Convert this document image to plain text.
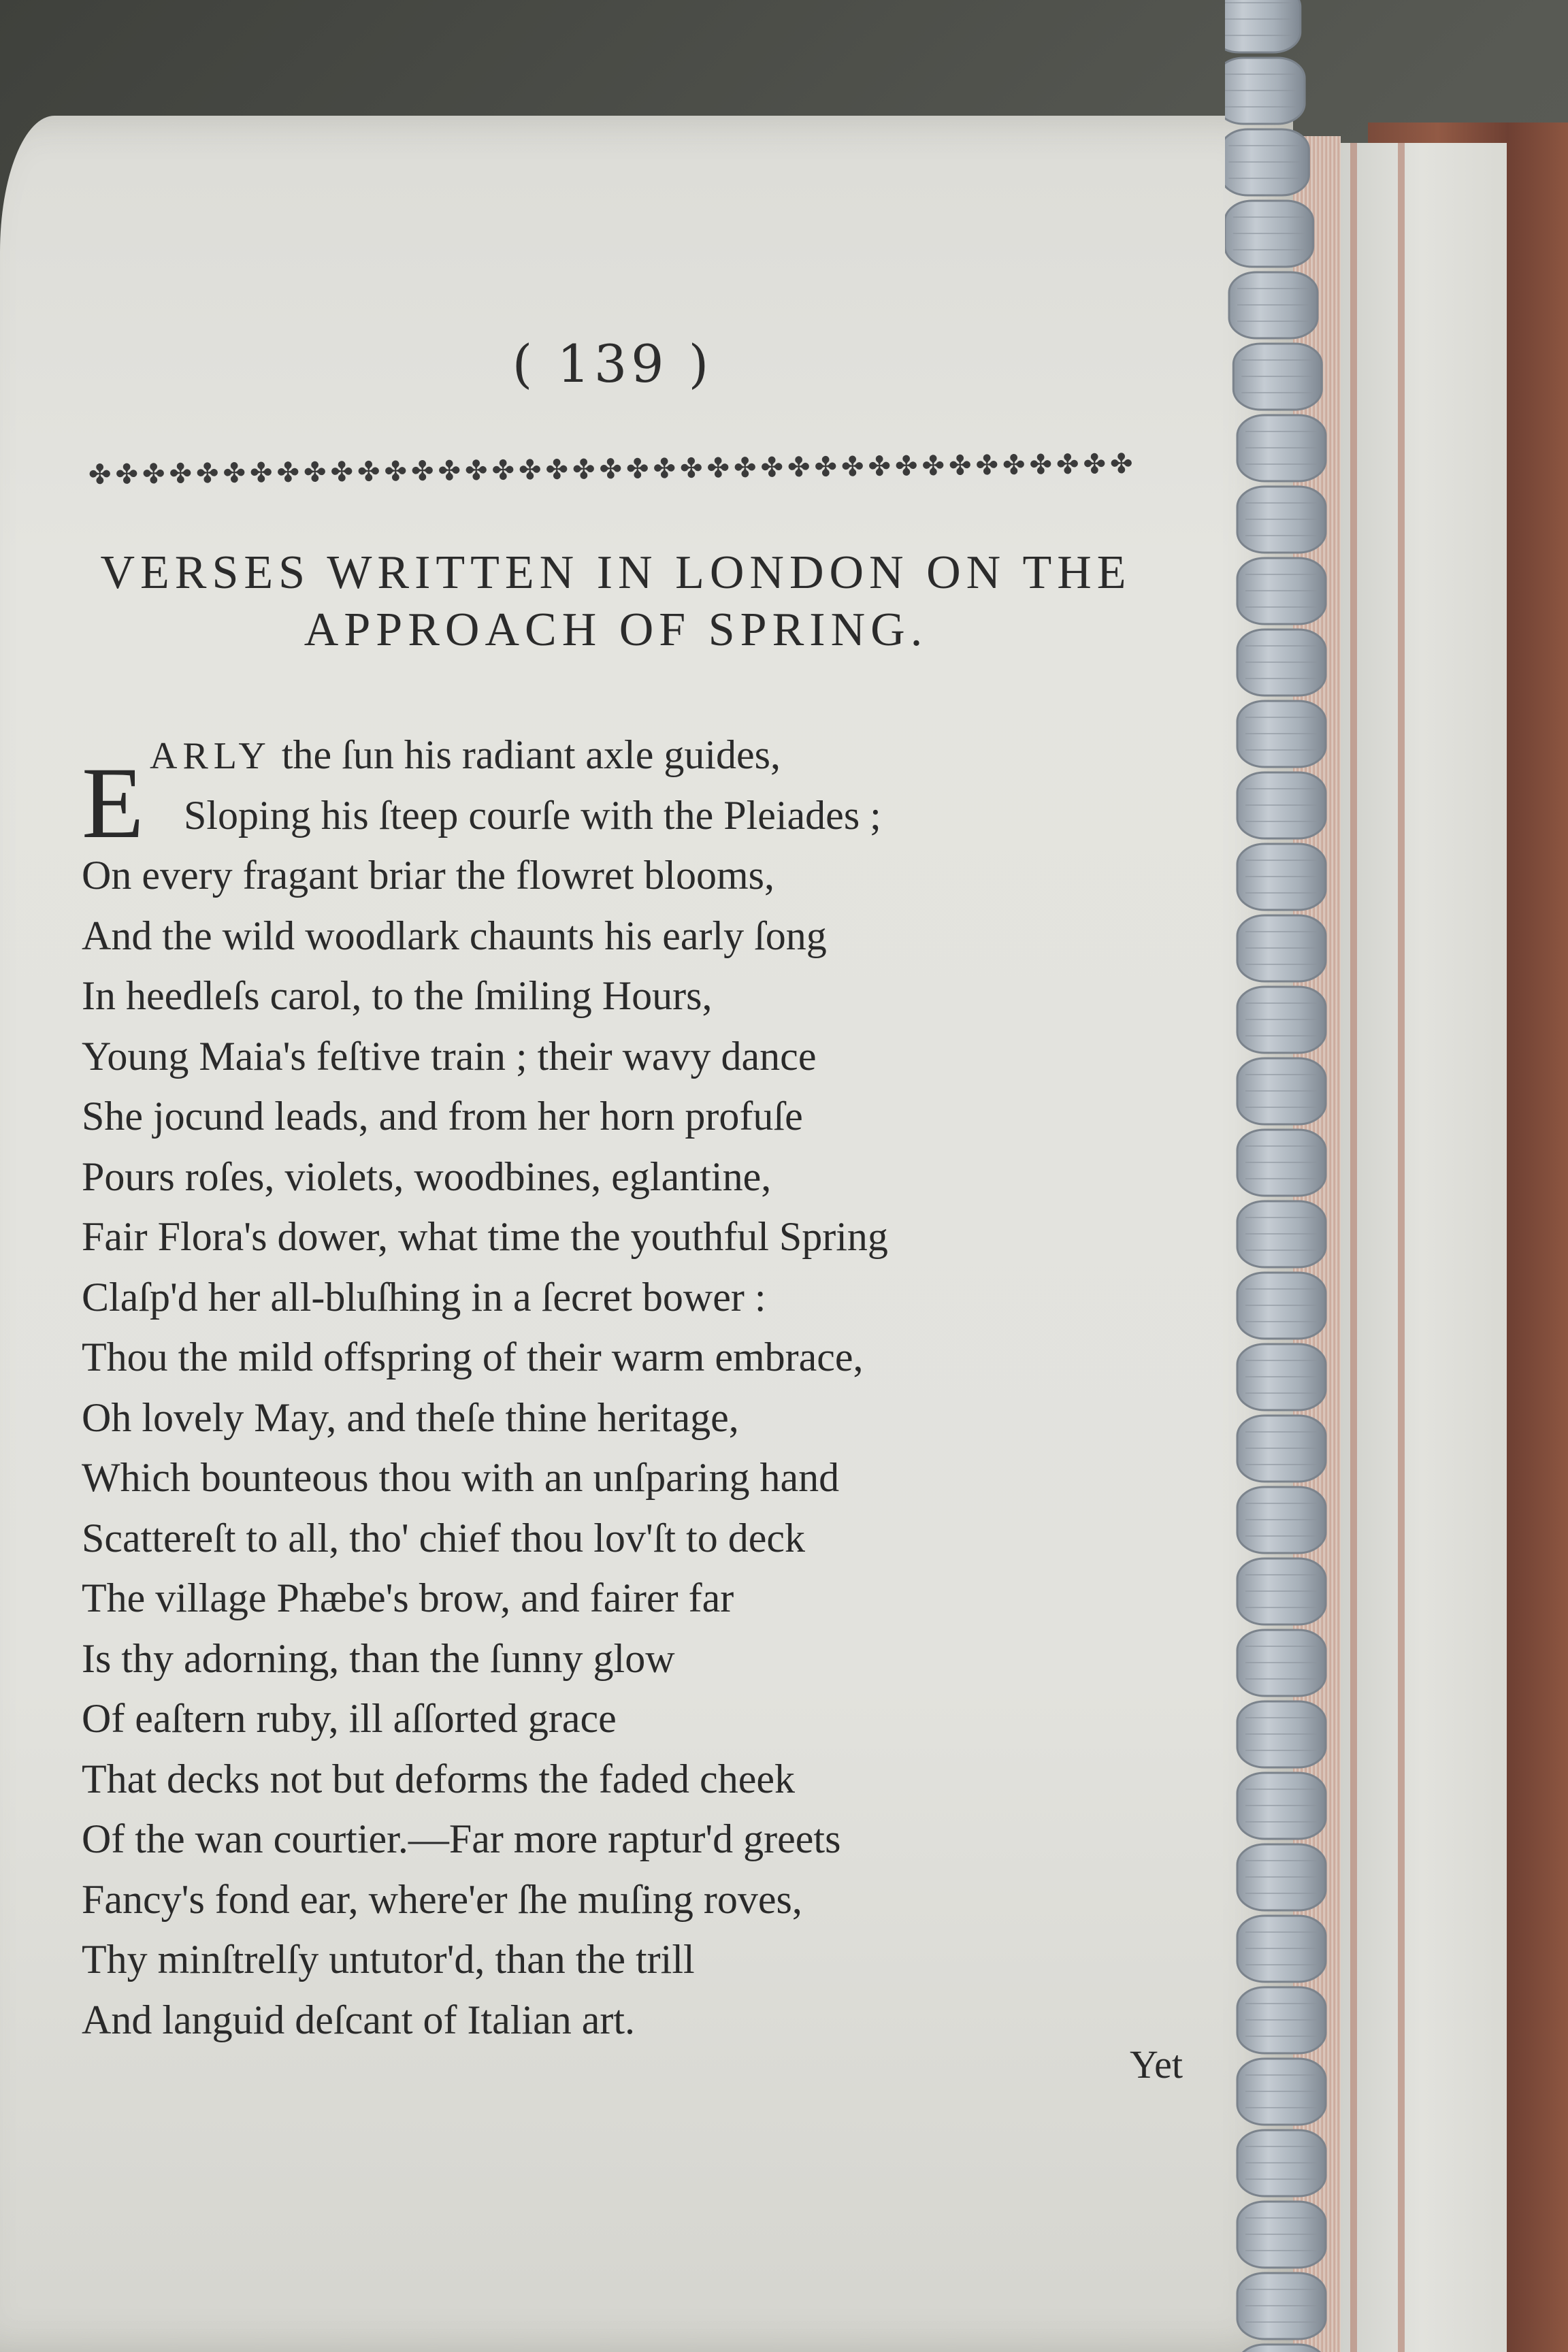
( 139 )
✤ ✤ ✤ ✤ ✤ ✤ ✤ ✤ ✤ ✤ ✤ ✤ ✤ ✤ ✤ ✤ ✤ ✤ ✤ ✤ ✤ ✤ ✤ ✤ ✤ ✤ ✤ ✤ ✤ ✤ ✤ ✤ ✤ ✤ ✤ ✤ ✤ ✤ ✤
VERSES WRITTEN IN LONDON ON THE
APPROACH OF SPRING.
E ARLY the ſun his radiant axle guides,
Sloping his ſteep courſe with the Pleiades ;
On every fragant briar the flowret blooms,
And the wild woodlark chaunts his early ſong
In heedleſs carol, to the ſmiling Hours,
Young Maia's feſtive train ; their wavy dance
She jocund leads, and from her horn profuſe
Pours roſes, violets, woodbines, eglantine,
Fair Flora's dower, what time the youthful Spring
Claſp'd her all-bluſhing in a ſecret bower :
Thou the mild offspring of their warm embrace,
Oh lovely May, and theſe thine heritage,
Which bounteous thou with an unſparing hand
Scattereſt to all, tho' chief thou lov'ſt to deck
The village Phæbe's brow, and fairer far
Is thy adorning, than the ſunny glow
Of eaſtern ruby, ill aſſorted grace
That decks not but deforms the faded cheek
Of the wan courtier.—Far more raptur'd greets
Fancy's fond ear, where'er ſhe muſing roves,
Thy minſtrelſy untutor'd, than the trill
And languid deſcant of Italian art.
Yet
